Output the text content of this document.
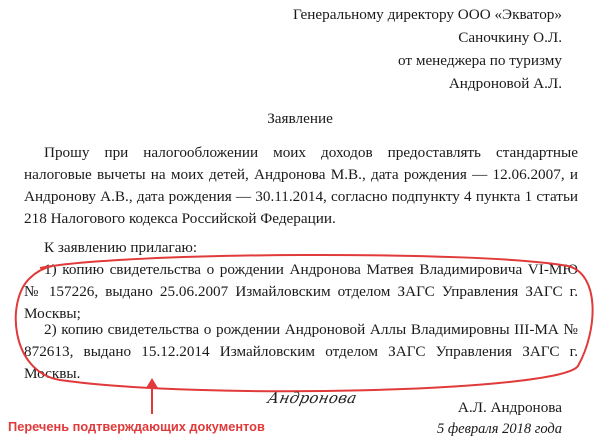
Генеральному директору ООО «Экватор»
Саночкину О.Л.
от менеджера по туризму
Андроновой А.Л.
Заявление

Прошу при налогообложении моих доходов предоставлять стандартные налоговые вычеты на моих детей, Андронова М.В., дата рождения — 12.06.2007, и Андронову А.В., дата рождения — 30.11.2014, согласно подпункту 4 пункта 1 статьи 218 Налогового кодекса Российской Федерации.

К заявлению прилагаю:

1) копию свидетельства о рождении Андронова Матвея Владимировича VI-МЮ № 157226, выдано 25.06.2007 Измайловским отделом ЗАГС Управления ЗАГС г. Москвы;

2) копию свидетельства о рождении Андроновой Аллы Владимировны III-МА № 872613, выдано 15.12.2014 Измайловским отделом ЗАГС Управления ЗАГС г. Москвы.

Перечень подтверждающих документов
Андронова
А.Л. Андронова
5 февраля 2018 года
